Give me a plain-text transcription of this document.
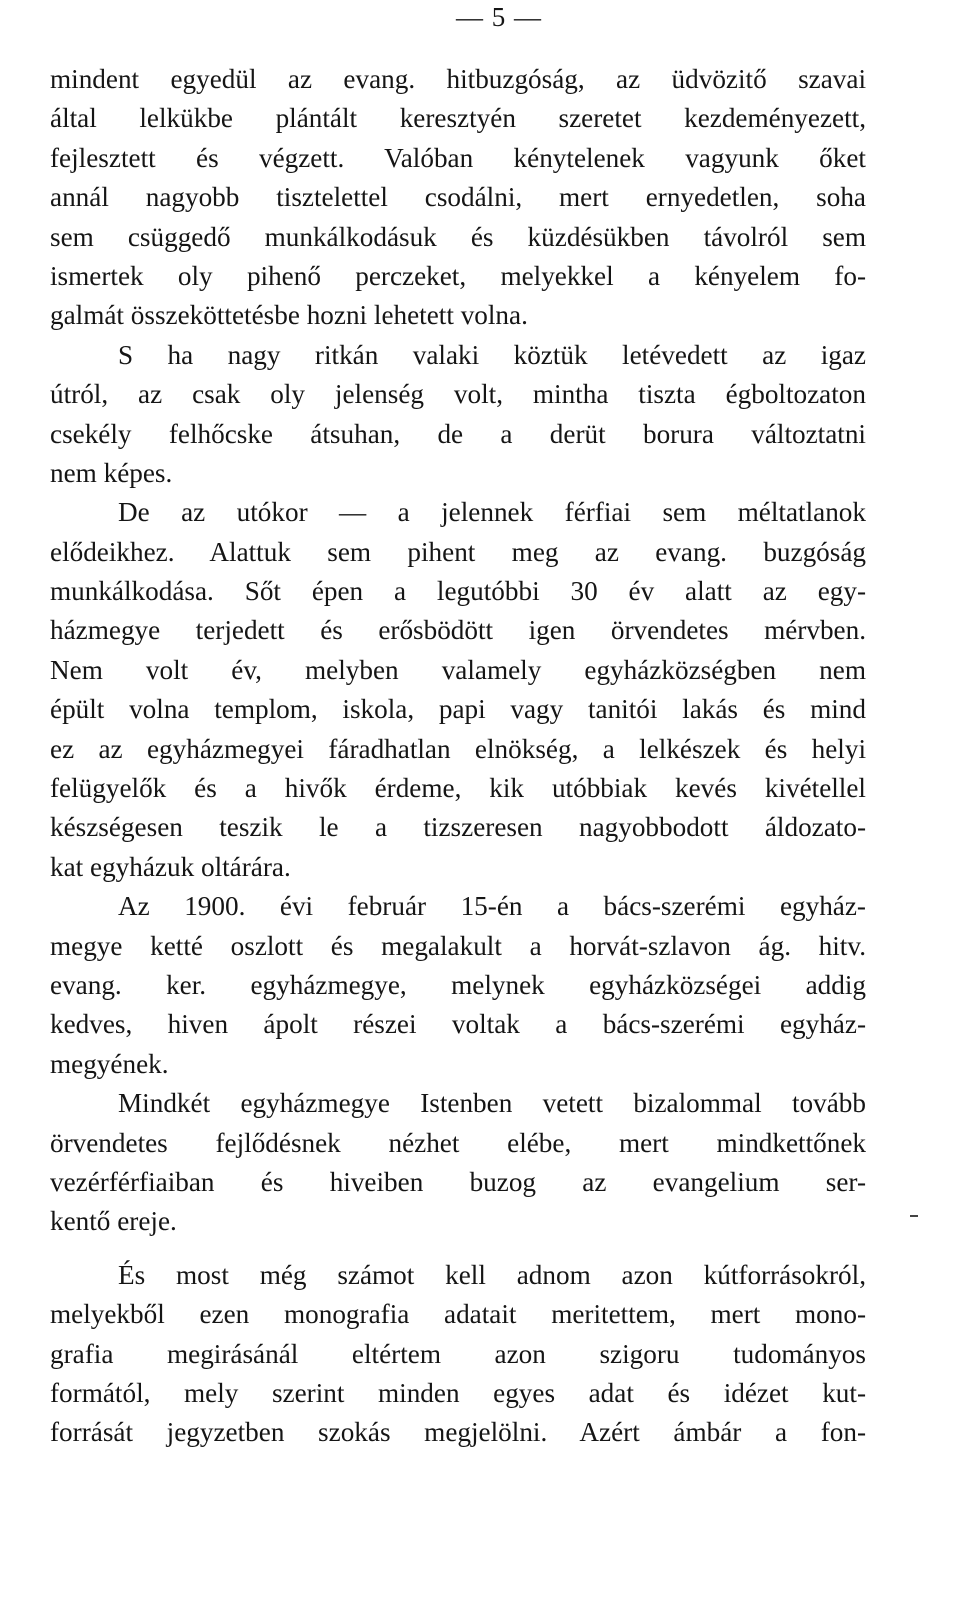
— 5 —
mindent egyedül az evang. hitbuzgóság, az üdvözitő szavai
által lelkükbe plántált keresztyén szeretet kezdeményezett,
fejlesztett és végzett. Valóban kénytelenek vagyunk őket
annál nagyobb tisztelettel csodálni, mert ernyedetlen, soha
sem csüggedő munkálkodásuk és küzdésükben távolról sem
ismertek oly pihenő perczeket, melyekkel a kényelem fo-
galmát összeköttetésbe hozni lehetett volna.
S ha nagy ritkán valaki köztük letévedett az igaz
útról, az csak oly jelenség volt, mintha tiszta égboltozaton
csekély felhőcske átsuhan, de a derüt borura változtatni
nem képes.
De az utókor — a jelennek férfiai sem méltatlanok
elődeikhez. Alattuk sem pihent meg az evang. buzgóság
munkálkodása. Sőt épen a legutóbbi 30 év alatt az egy-
házmegye terjedett és erősbödött igen örvendetes mérvben.
Nem volt év, melyben valamely egyházközségben nem
épült volna templom, iskola, papi vagy tanitói lakás és mind
ez az egyházmegyei fáradhatlan elnökség, a lelkészek és helyi
felügyelők és a hivők érdeme, kik utóbbiak kevés kivétellel
készségesen teszik le a tizszeresen nagyobbodott áldozato-
kat egyházuk oltárára.
Az 1900. évi február 15-én a bács-szerémi egyház-
megye ketté oszlott és megalakult a horvát-szlavon ág. hitv.
evang. ker. egyházmegye, melynek egyházközségei addig
kedves, hiven ápolt részei voltak a bács-szerémi egyház-
megyének.
Mindkét egyházmegye Istenben vetett bizalommal tovább
örvendetes fejlődésnek nézhet elébe, mert mindkettőnek
vezérférfiaiban és hiveiben buzog az evangelium ser-
kentő ereje.
És most még számot kell adnom azon kútforrásokról,
melyekből ezen monografia adatait meritettem, mert mono-
grafia megirásánál eltértem azon szigoru tudományos
formától, mely szerint minden egyes adat és idézet kut-
forrását jegyzetben szokás megjelölni. Azért ámbár a fon-
